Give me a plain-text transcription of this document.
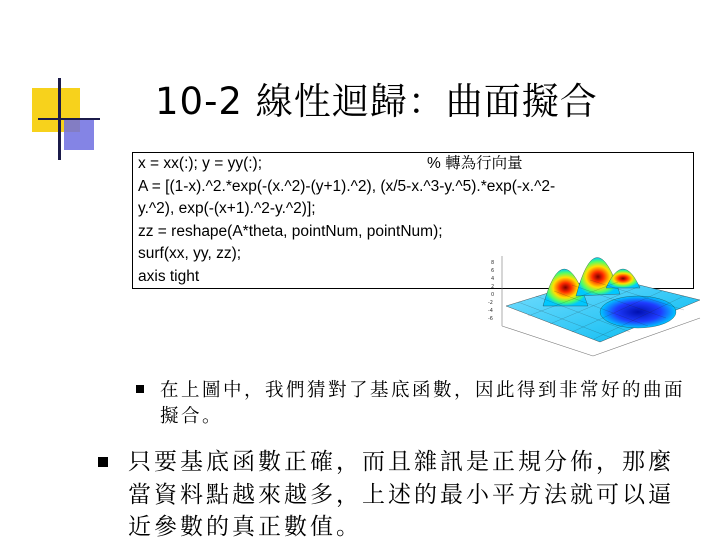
10-2 線性迴歸：曲面擬合
x = xx(:); y = yy(:);
A = [(1-x).^2.*exp(-(x.^2)-(y+1).^2), (x/5-x.^3-y.^5).*exp(-x.^2-
y.^2), exp(-(x+1).^2-y.^2)];
zz = reshape(A*theta, pointNum, pointNum);
surf(xx, yy, zz);
axis tight
% 轉為行向量
8
6
4
2
0
-2
-4
-6
在上圖中，我們猜對了基底函數，因此得到非常好的曲面擬合。
只要基底函數正確，而且雜訊是正規分佈，那麼當資料點越來越多，上述的最小平方法就可以逼近參數的真正數值。
